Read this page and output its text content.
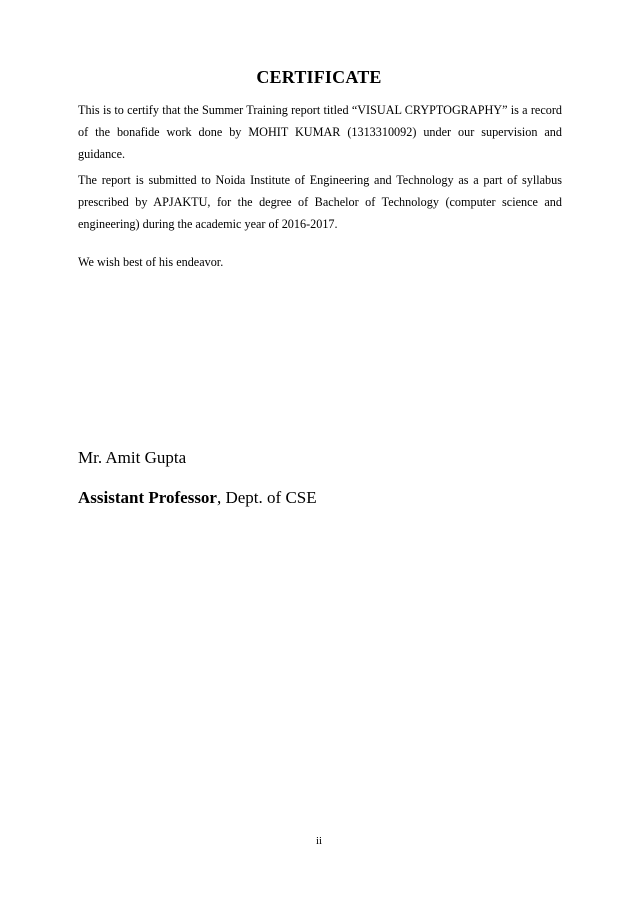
CERTIFICATE
This is to certify that the Summer Training report titled “VISUAL CRYPTOGRAPHY” is a record of the bonafide work done by MOHIT KUMAR (1313310092) under our supervision and guidance.
The report is submitted to Noida Institute of Engineering and Technology as a part of syllabus prescribed by APJAKTU, for the degree of Bachelor of Technology (computer science and engineering) during the academic year of 2016-2017.
We wish best of his endeavor.
Mr. Amit Gupta
Assistant Professor, Dept. of CSE
ii
